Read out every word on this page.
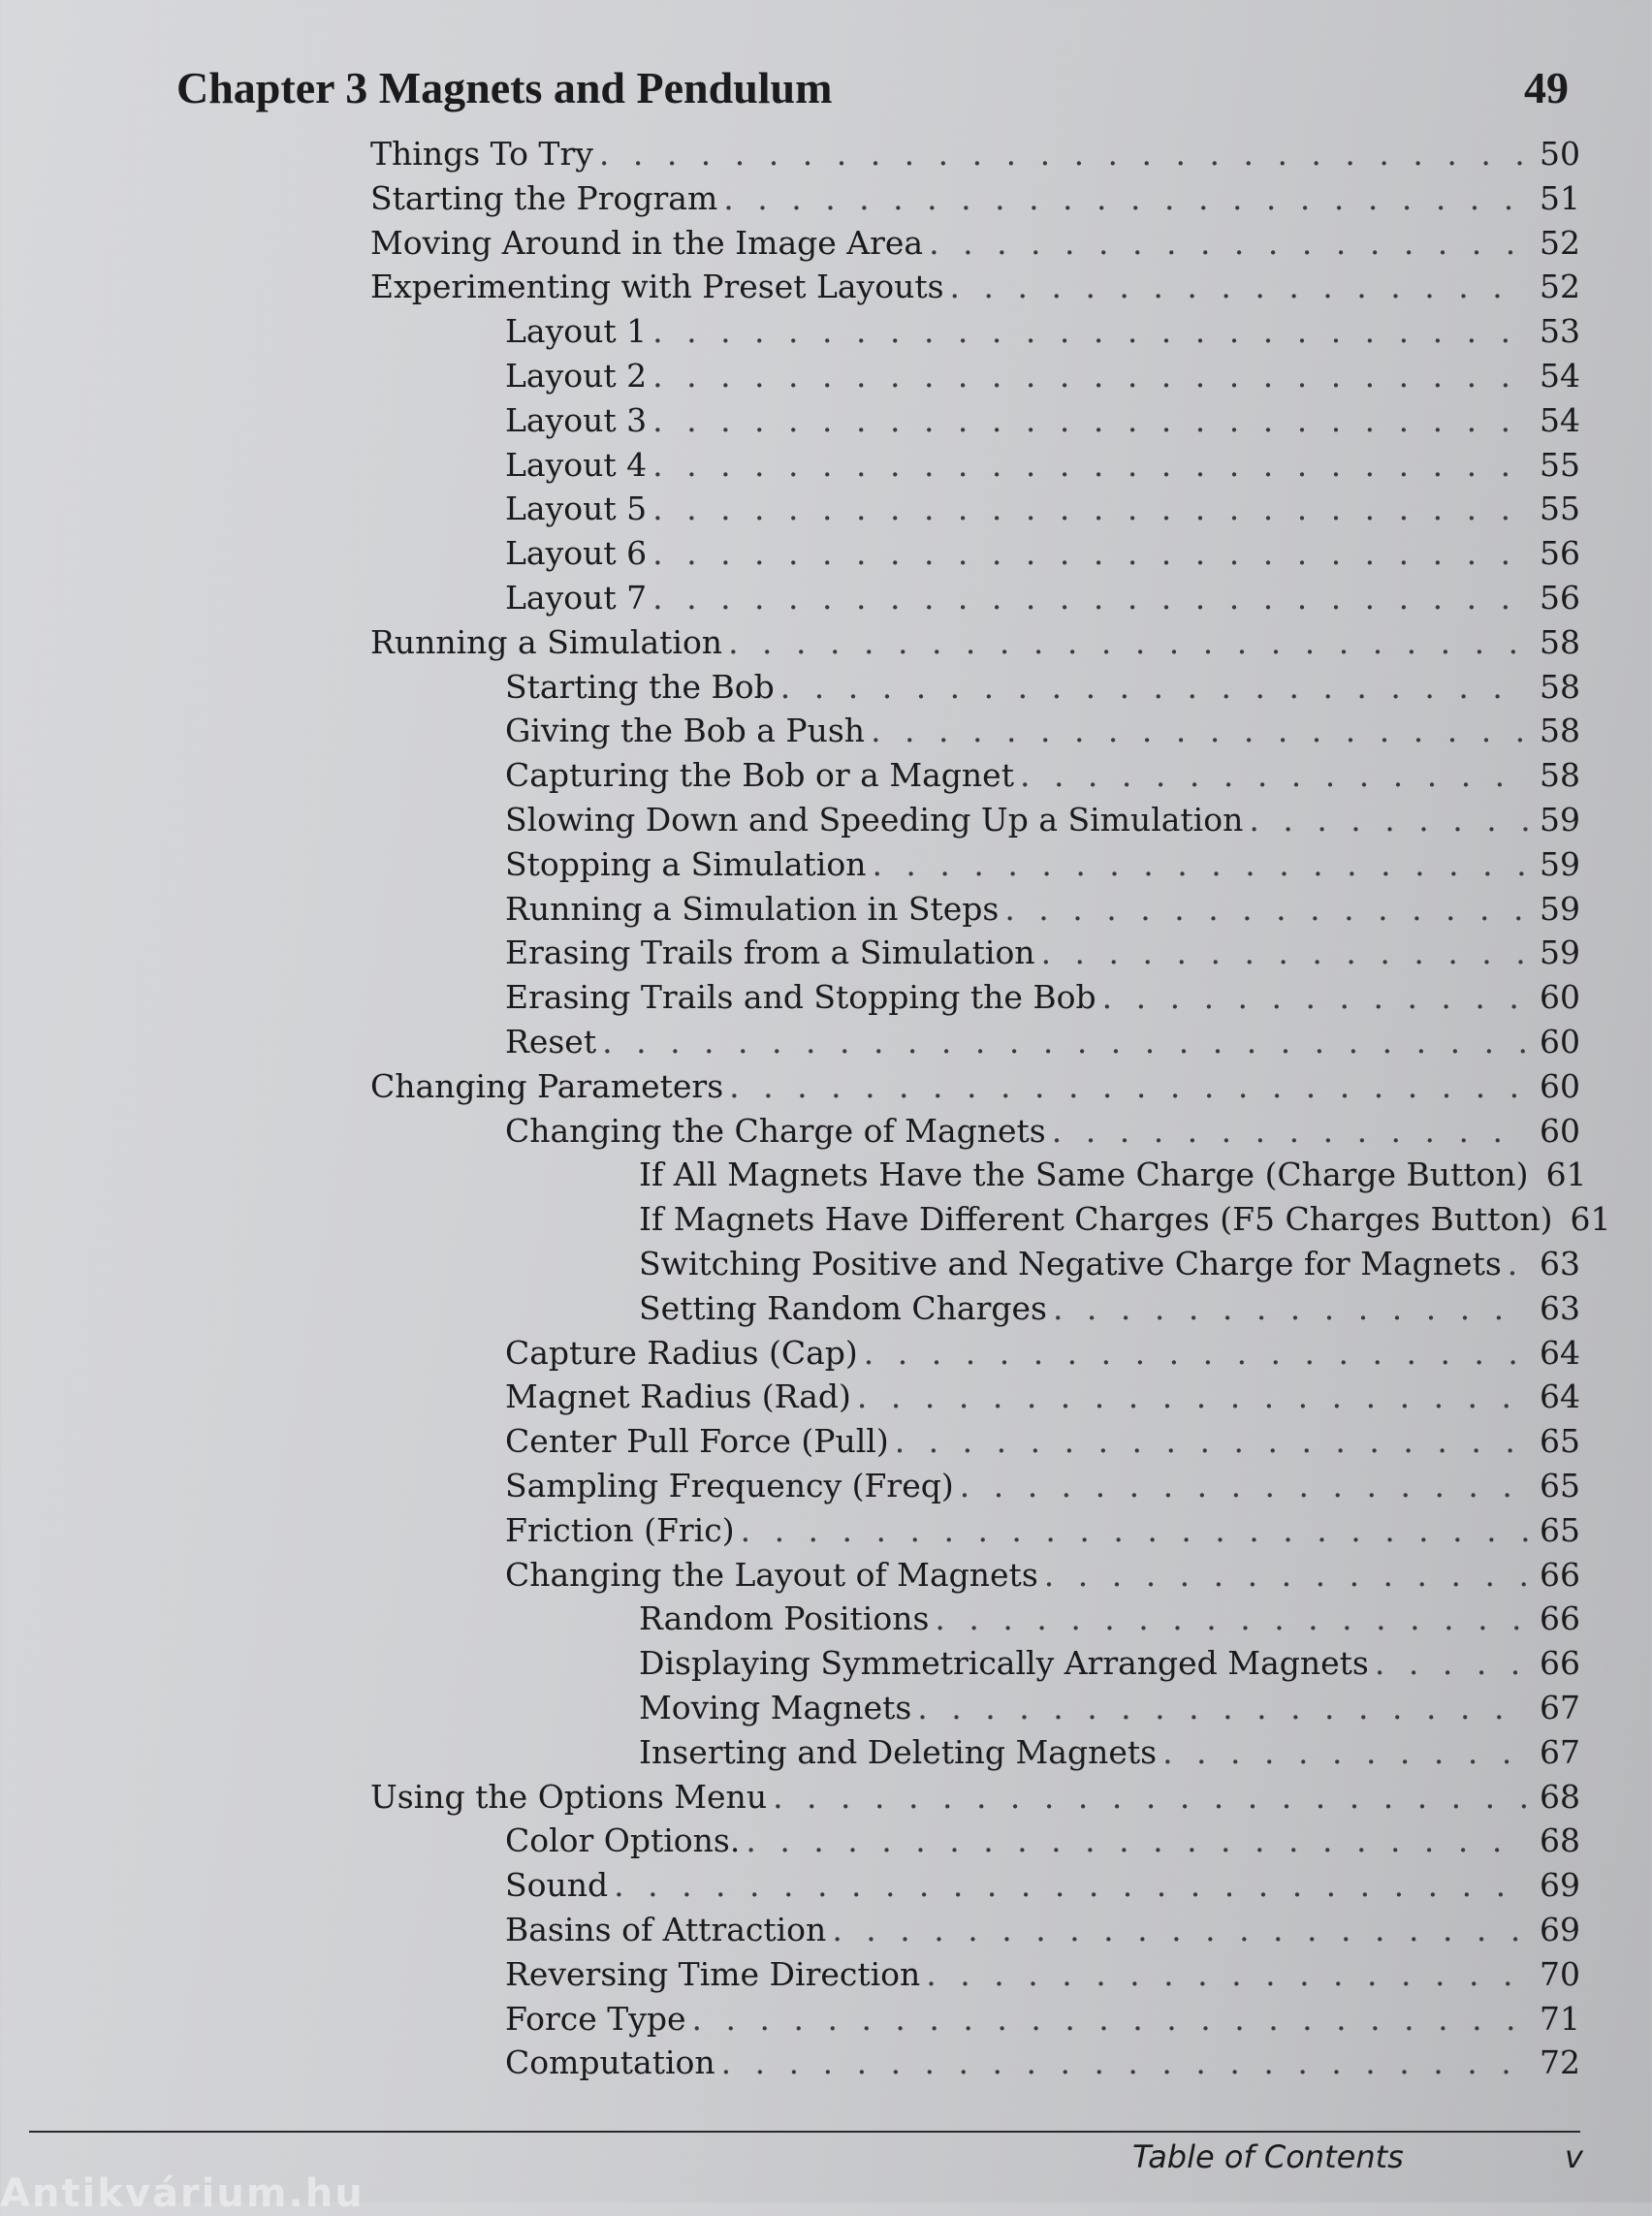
Chapter 3 Magnets and Pendulum	49
Things To Try . . .	50
Starting the Program . . .	51
Moving Around in the Image Area . . .	52
Experimenting with Preset Layouts . . .	52
Layout 1 . . .	53
Layout 2 . . .	54
Layout 3 . . .	54
Layout 4 . . .	55
Layout 5 . . .	55
Layout 6 . . .	56
Layout 7 . . .	56
Running a Simulation . . .	58
Starting the Bob . . .	58
Giving the Bob a Push . . .	58
Capturing the Bob or a Magnet . . .	58
Slowing Down and Speeding Up a Simulation . . .	59
Stopping a Simulation . . .	59
Running a Simulation in Steps . . .	59
Erasing Trails from a Simulation . . .	59
Erasing Trails and Stopping the Bob . . .	60
Reset . . .	60
Changing Parameters . . .	60
Changing the Charge of Magnets . . .	60
If All Magnets Have the Same Charge (Charge Button) 61
If Magnets Have Different Charges (F5 Charges Button) 61
Switching Positive and Negative Charge for Magnets . . . 63
Setting Random Charges . . .	63
Capture Radius (Cap) . . .	64
Magnet Radius (Rad) . . .	64
Center Pull Force (Pull) . . .	65
Sampling Frequency (Freq) . . .	65
Friction (Fric) . . .	65
Changing the Layout of Magnets . . .	66
Random Positions . . .	66
Displaying Symmetrically Arranged Magnets . . .	66
Moving Magnets . . .	67
Inserting and Deleting Magnets . . .	67
Using the Options Menu . . .	68
Color Options. . . .	68
Sound . . .	69
Basins of Attraction . . .	69
Reversing Time Direction . . .	70
Force Type . . .	71
Computation . . .	72
Table of Contents	v
Antikvárium.hu
